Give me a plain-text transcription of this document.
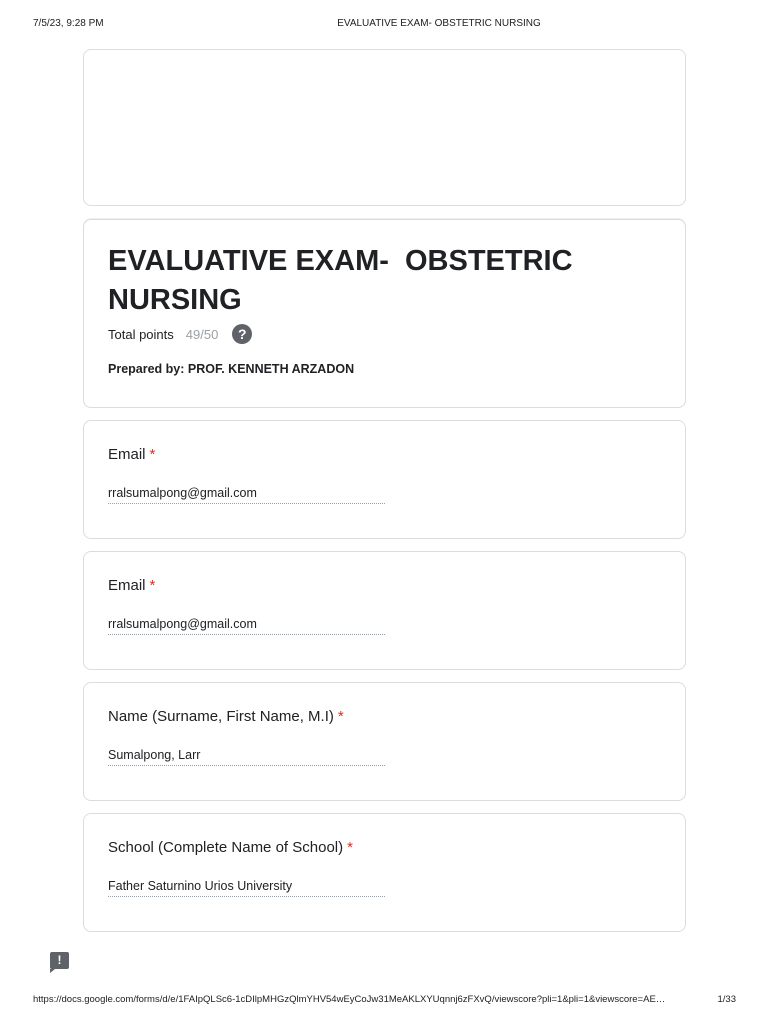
7/5/23, 9:28 PM	EVALUATIVE EXAM- OBSTETRIC NURSING
EVALUATIVE EXAM-  OBSTETRIC NURSING
Total points 49/50	?
Prepared by: PROF. KENNETH ARZADON
Email *
rralsumalpong@gmail.com
Email *
rralsumalpong@gmail.com
Name (Surname, First Name, M.I) *
Sumalpong, Larr
School (Complete Name of School) *
Father Saturnino Urios University
!
https://docs.google.com/forms/d/e/1FAIpQLSc6-1cDIlpMHGzQlmYHV54wEyCoJw31MeAKLXYUqnnj6zFXvQ/viewscore?pli=1&pli=1&viewscore=AE…	1/33
